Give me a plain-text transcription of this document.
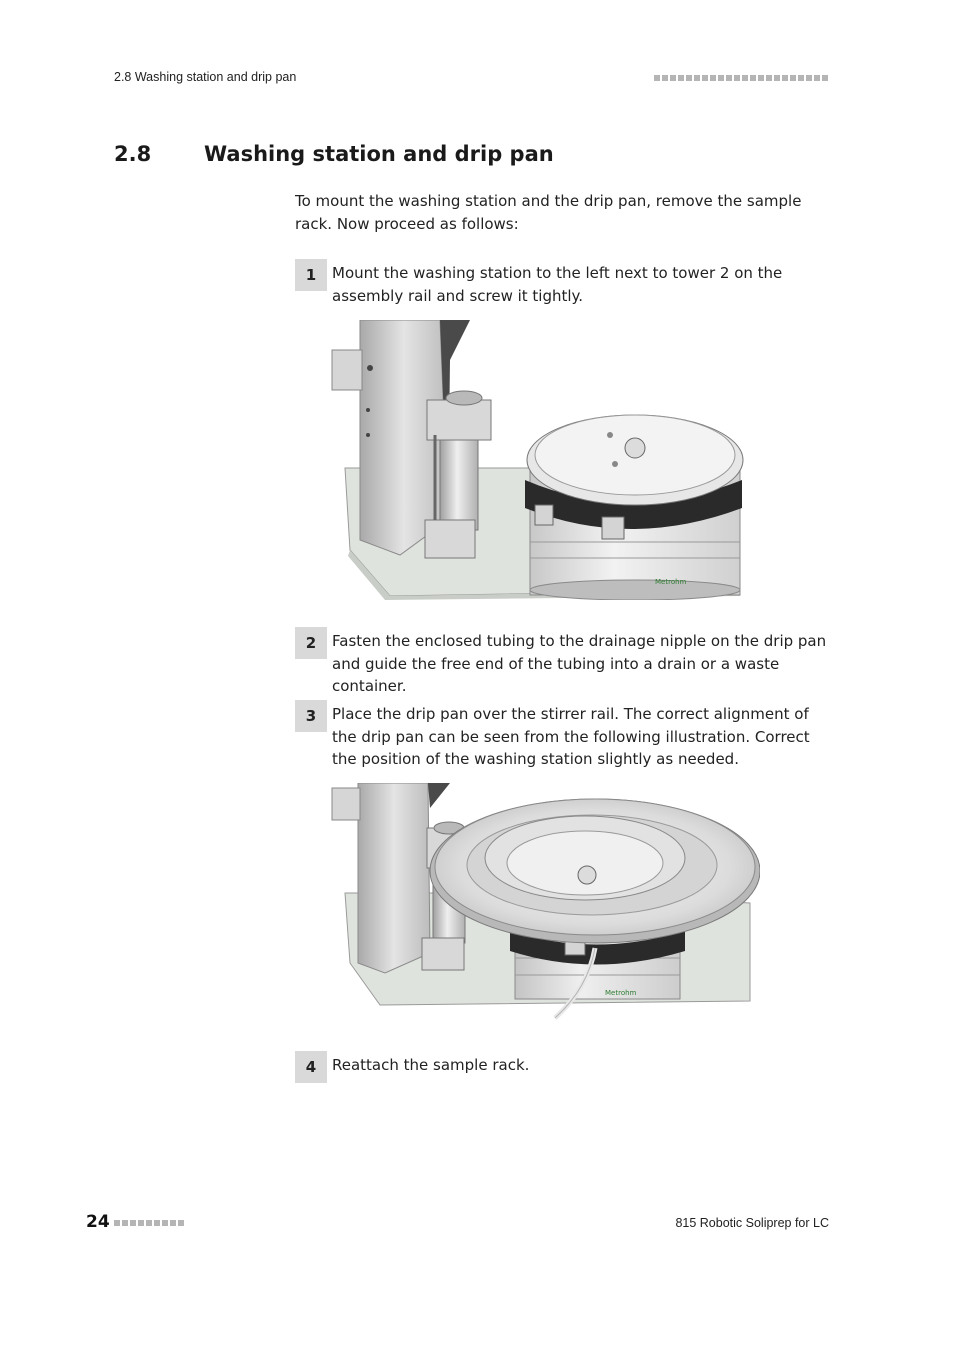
2.8 Washing station and drip pan
2.8	Washing station and drip pan
To mount the washing station and the drip pan, remove the sample rack. Now proceed as follows:
1	Mount the washing station to the left next to tower 2 on the assembly rail and screw it tightly.
Metrohm
2	Fasten the enclosed tubing to the drainage nipple on the drip pan and guide the free end of the tubing into a drain or a waste container.
3	Place the drip pan over the stirrer rail. The correct alignment of the drip pan can be seen from the following illustration. Correct the position of the washing station slightly as needed.
Metrohm
4	Reattach the sample rack.
24	815 Robotic Soliprep for LC
